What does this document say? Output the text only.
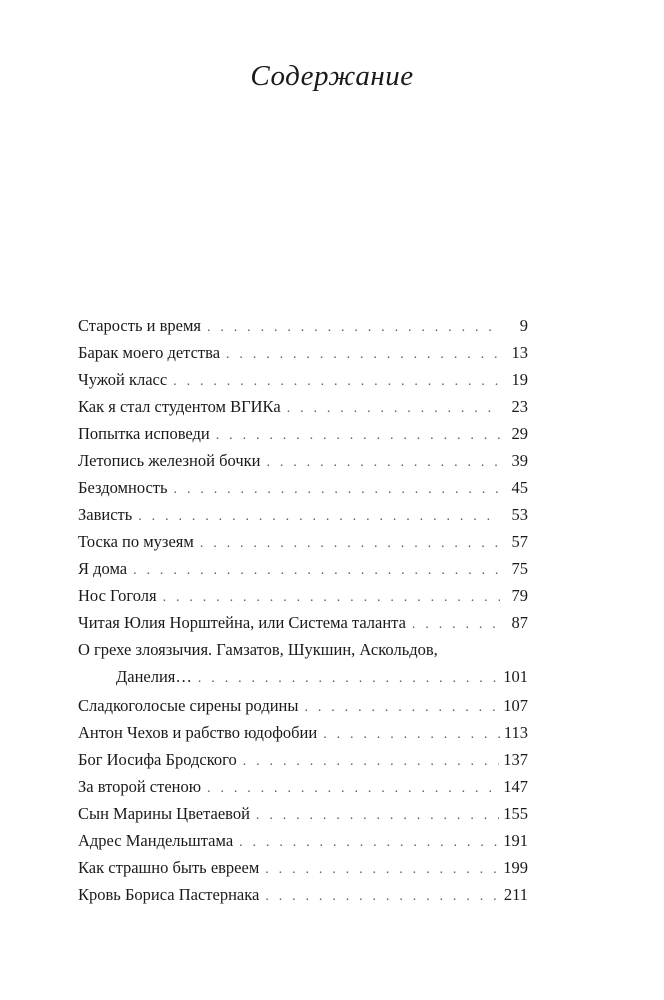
Содержание
Старость и время . . .	9
Барак моего детства . . .	13
Чужой класс . . .	19
Как я стал студентом ВГИКа . . .	23
Попытка исповеди . . .	29
Летопись железной бочки . . .	39
Бездомность . . .	45
Зависть . . .	53
Тоска по музеям . . .	57
Я дома . . .	75
Нос Гоголя . . .	79
Читая Юлия Норштейна, или Система таланта . . .	87
О грехе злоязычия. Гамзатов, Шукшин, Аскольдов,
Данелия… . . .	101
Сладкоголосые сирены родины . . .	107
Антон Чехов и рабство юдофобии . . .	113
Бог Иосифа Бродского . . .	137
За второй стеною . . .	147
Сын Марины Цветаевой . . .	155
Адрес Мандельштама . . .	191
Как страшно быть евреем . . .	199
Кровь Бориса Пастернака . . .	211
